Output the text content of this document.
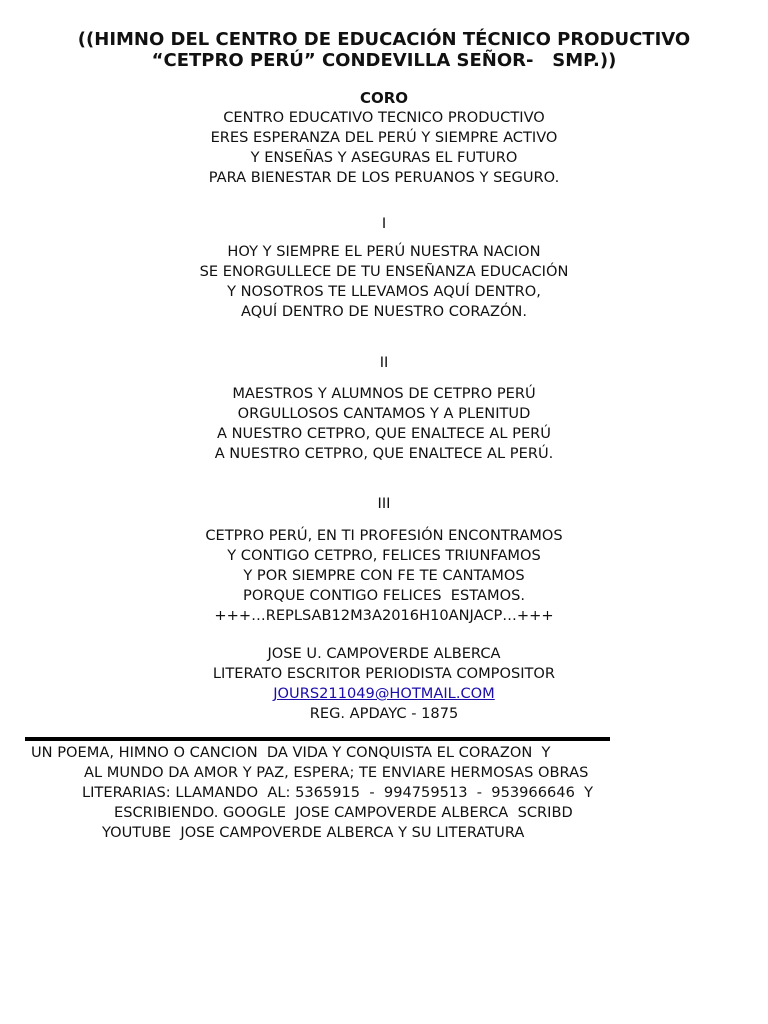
((HIMNO DEL CENTRO DE EDUCACIÓN TÉCNICO PRODUCTIVO
“CETPRO PERÚ” CONDEVILLA SEÑOR-   SMP.))
CORO
CENTRO EDUCATIVO TECNICO PRODUCTIVO
ERES ESPERANZA DEL PERÚ Y SIEMPRE ACTIVO
Y ENSEÑAS Y ASEGURAS EL FUTURO
PARA BIENESTAR DE LOS PERUANOS Y SEGURO.
I
HOY Y SIEMPRE EL PERÚ NUESTRA NACION
SE ENORGULLECE DE TU ENSEÑANZA EDUCACIÓN
Y NOSOTROS TE LLEVAMOS AQUÍ DENTRO,
AQUÍ DENTRO DE NUESTRO CORAZÓN.
II
MAESTROS Y ALUMNOS DE CETPRO PERÚ
ORGULLOSOS CANTAMOS Y A PLENITUD
A NUESTRO CETPRO, QUE ENALTECE AL PERÚ
A NUESTRO CETPRO, QUE ENALTECE AL PERÚ.
III
CETPRO PERÚ, EN TI PROFESIÓN ENCONTRAMOS
Y CONTIGO CETPRO, FELICES TRIUNFAMOS
Y POR SIEMPRE CON FE TE CANTAMOS
PORQUE CONTIGO FELICES  ESTAMOS.
+++…REPLSAB12M3A2016H10ANJACP…+++
JOSE U. CAMPOVERDE ALBERCA
LITERATO ESCRITOR PERIODISTA COMPOSITOR
JOURS211049@HOTMAIL.COM
REG. APDAYC - 1875
UN POEMA, HIMNO O CANCION  DA VIDA Y CONQUISTA EL CORAZON  Y
AL MUNDO DA AMOR Y PAZ, ESPERA; TE ENVIARE HERMOSAS OBRAS
LITERARIAS: LLAMANDO  AL: 5365915  -  994759513  -  953966646  Y
ESCRIBIENDO. GOOGLE  JOSE CAMPOVERDE ALBERCA  SCRIBD
YOUTUBE  JOSE CAMPOVERDE ALBERCA Y SU LITERATURA
